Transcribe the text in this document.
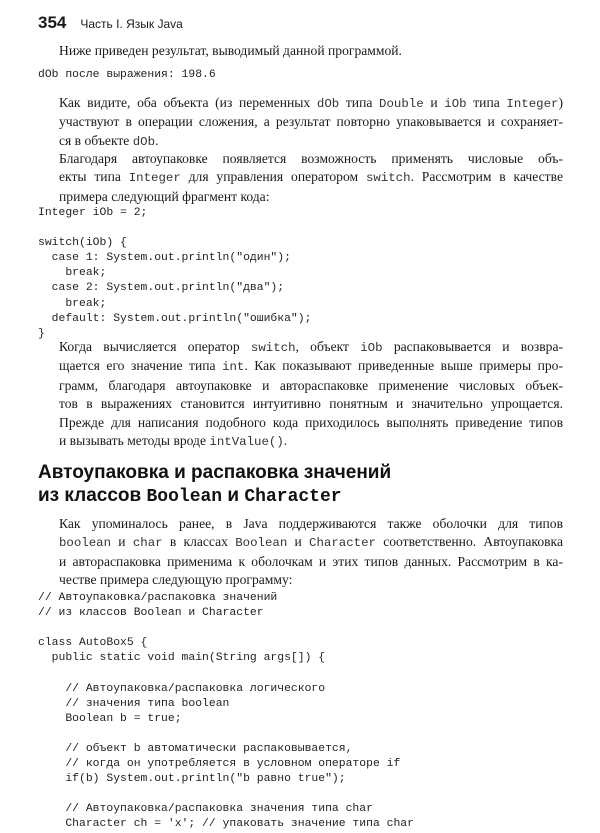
354 Часть I. Язык Java

Ниже приведен результат, выводимый данной программой.

dOb после выражения: 198.6
Как видите, оба объекта (из переменных dOb типа Double и iOb типа Integer)
участвуют в операции сложения, а результат повторно упаковывается и сохраняет-
ся в объекте dOb.
Благодаря автоупаковке появляется возможность применять числовые объ-
екты типа Integer для управления оператором switch. Рассмотрим в качестве
примера следующий фрагмент кода:
Integer iOb = 2;

switch(iOb) {
case 1: System.out.println("один");
break;
case 2: System.out.println("два");
break;
default: System.out.println("ошибка");
}
Когда вычисляется оператор switch, объект iOb распаковывается и возвра-
щается его значение типа int. Как показывают приведенные выше примеры про-
грамм, благодаря автоупаковке и автораспаковке применение числовых объек-
тов в выражениях становится интуитивно понятным и значительно упрощается.
Прежде для написания подобного кода приходилось выполнять приведение типов
и вызывать методы вроде intValue().
Автоупаковка и распаковка значений
из классов Boolean и Character
Как упоминалось ранее, в Java поддерживаются также оболочки для типов
boolean и char в классах Boolean и Character соответственно. Автоупаковка
и автораспаковка применима к оболочкам и этих типов данных. Рассмотрим в ка-
честве примера следующую программу:
// Автоупаковка/распаковка значений
// из классов Boolean и Character

class AutoBox5 {
public static void main(String args[]) {

// Автоупаковка/распаковка логического
// значения типа boolean
Boolean b = true;

// объект b автоматически распаковывается,
// когда он употребляется в условном операторе if
if(b) System.out.println("b равно true");

// Автоупаковка/распаковка значения типа char
Character ch = 'x'; // упаковать значение типа char
